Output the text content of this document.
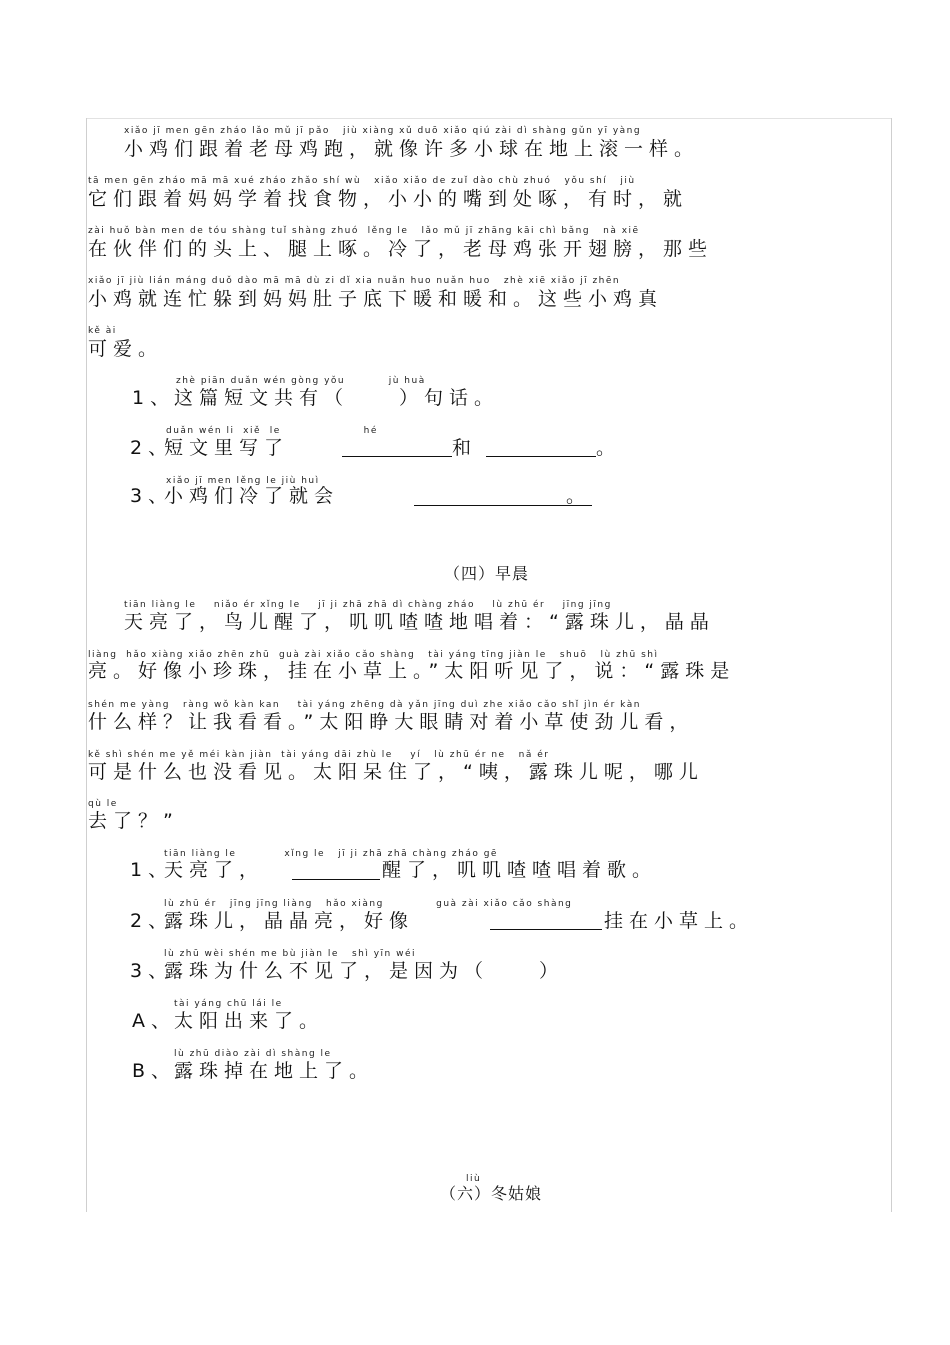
xiǎo jī men gēn zháo lǎo mǔ jī pǎo   jiù xiàng xǔ duō xiǎo qiú zài dì shàng gǔn yī yàng
小鸡们跟着老母鸡跑，就像许多小球在地上滚一样。
tā men gēn zháo mā mā xué zháo zhǎo shí wù   xiǎo xiǎo de zuǐ dào chù zhuó   yǒu shí   jiù
它们跟着妈妈学着找食物，小小的嘴到处啄，有时，就
zài huǒ bàn men de tóu shàng tuǐ shàng zhuó  lěng le   lǎo mǔ jī zhāng kāi chì bǎng   nà xiē
在伙伴们的头上、腿上啄。冷了，老母鸡张开翅膀，那些
xiǎo jī jiù lián máng duǒ dào mā mā dù zi dǐ xia nuǎn huo nuǎn huo   zhè xiē xiǎo jī zhēn
小鸡就连忙躲到妈妈肚子底下暖和暖和。这些小鸡真
kě ài
可爱。
zhè piān duǎn wén gòng yǒu          jù huà
1、
这篇短文共有（　　）句话。
duǎn wén li  xiě  le                   hé
2、
短文里写了	和	。
xiǎo jī men lěng le jiù huì
3、
小鸡们冷了就会	。
（四）早晨
tiān liàng le    niǎo ér xǐng le    jī ji zhā zhā dì chàng zháo    lù zhū ér    jīng jīng
天亮了，鸟儿醒了，叽叽喳喳地唱着：“露珠儿，晶晶
liàng  hǎo xiàng xiǎo zhēn zhū  guà zài xiǎo cǎo shàng   tài yáng tīng jiàn le   shuō   lù zhū shì
亮。好像小珍珠，挂在小草上。”太阳听见了，说：“露珠是
shén me yàng   ràng wǒ kàn kan    tài yáng zhēng dà yǎn jīng duì zhe xiǎo cǎo shǐ jìn ér kàn
什么样？让我看看。”太阳睁大眼睛对着小草使劲儿看，
kě shì shén me yě méi kàn jiàn  tài yáng dāi zhù le    yí   lù zhū ér ne   nǎ ér
可是什么也没看见。太阳呆住了，“咦，露珠儿呢，哪儿
qù le
去了？”
tiān liàng le           xǐng le   jī ji zhā zhā chàng zháo gē
1、
天亮了，	醒了，叽叽喳喳唱着歌。
lù zhū ér   jīng jīng liàng   hǎo xiàng            guà zài xiǎo cǎo shàng
2、
露珠儿，晶晶亮，好像	挂在小草上。
lù zhū wèi shén me bù jiàn le   shì yīn wéi
3、
露珠为什么不见了，是因为（　　）
tài yáng chū lái le
A、
太阳出来了。
lù zhū diào zài dì shàng le
B、
露珠掉在地上了。
liù
（六）冬姑娘
